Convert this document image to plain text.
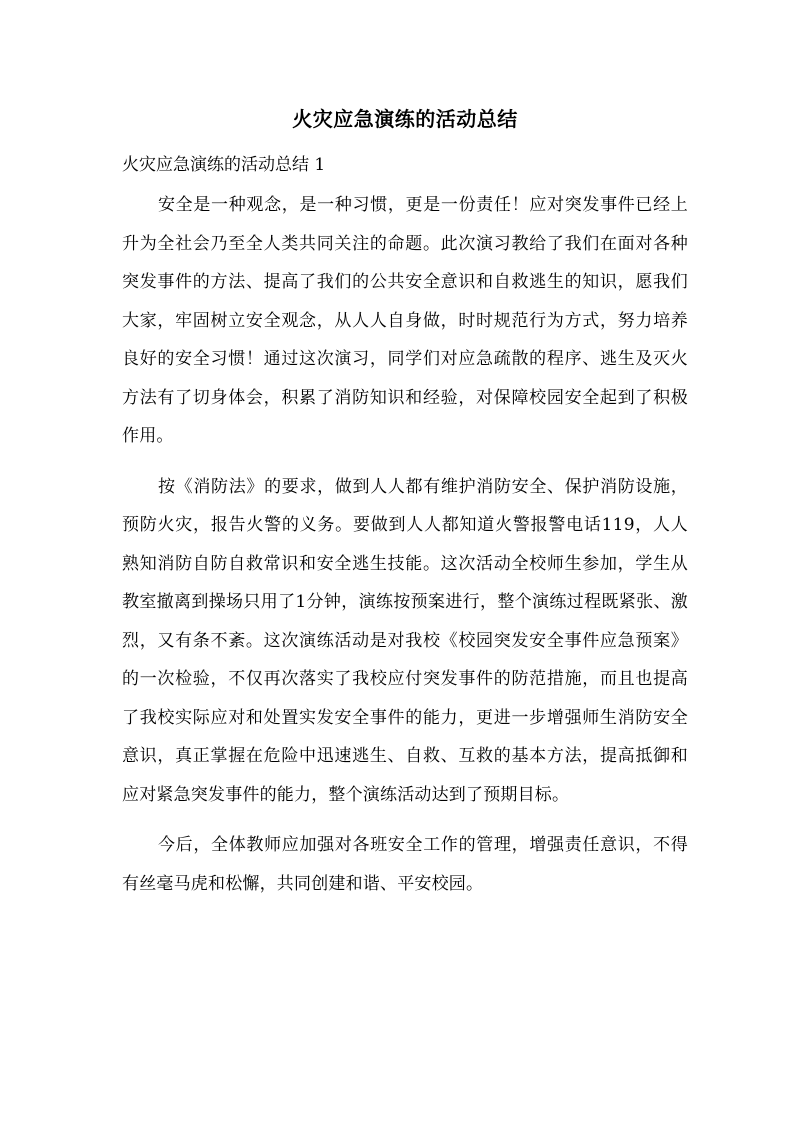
火灾应急演练的活动总结
火灾应急演练的活动总结 1

安全是一种观念，是一种习惯，更是一份责任！应对突发事件已经上升为全社会乃至全人类共同关注的命题。此次演习教给了我们在面对各种突发事件的方法、提高了我们的公共安全意识和自救逃生的知识，愿我们大家，牢固树立安全观念，从人人自身做，时时规范行为方式，努力培养良好的安全习惯！通过这次演习，同学们对应急疏散的程序、逃生及灭火方法有了切身体会，积累了消防知识和经验，对保障校园安全起到了积极作用。

按《消防法》的要求，做到人人都有维护消防安全、保护消防设施，预防火灾，报告火警的义务。要做到人人都知道火警报警电话119，人人熟知消防自防自救常识和安全逃生技能。这次活动全校师生参加，学生从教室撤离到操场只用了1分钟，演练按预案进行，整个演练过程既紧张、激烈，又有条不紊。这次演练活动是对我校《校园突发安全事件应急预案》的一次检验，不仅再次落实了我校应付突发事件的防范措施，而且也提高了我校实际应对和处置实发安全事件的能力，更进一步增强师生消防安全意识，真正掌握在危险中迅速逃生、自救、互救的基本方法，提高抵御和应对紧急突发事件的能力，整个演练活动达到了预期目标。

今后，全体教师应加强对各班安全工作的管理，增强责任意识，不得有丝毫马虎和松懈，共同创建和谐、平安校园。
